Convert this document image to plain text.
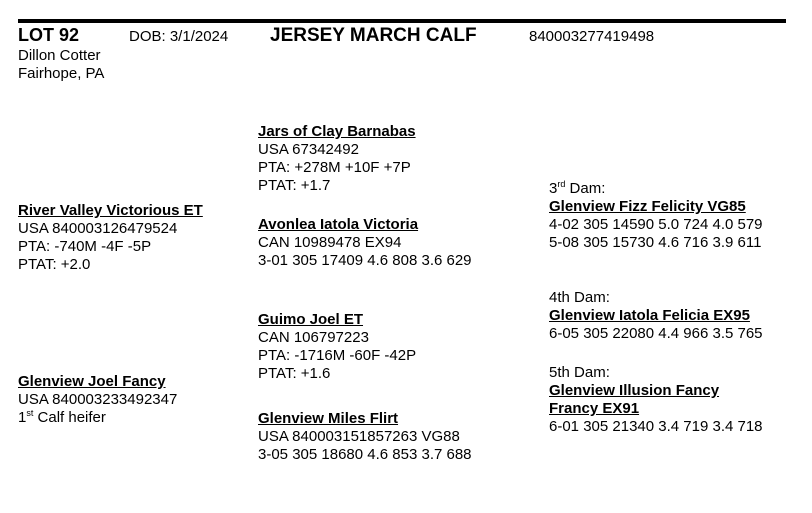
LOT 92	DOB: 3/1/2024 JERSEY MARCH CALF	840003277419498
Dillon Cotter
Fairhope, PA
River Valley Victorious ET
USA 840003126479524
PTA: -740M -4F -5P
PTAT: +2.0
Glenview Joel Fancy
USA 840003233492347
1st Calf heifer
Jars of Clay Barnabas
USA 67342492
PTA: +278M +10F +7P
PTAT: +1.7
Avonlea Iatola Victoria
CAN 10989478 EX94
3-01 305 17409 4.6 808 3.6 629
Guimo Joel ET
CAN 106797223
PTA: -1716M -60F -42P
PTAT: +1.6
Glenview Miles Flirt
USA 840003151857263 VG88
3-05 305 18680 4.6 853 3.7 688
3rd Dam:
Glenview Fizz Felicity VG85
4-02 305 14590 5.0 724 4.0 579
5-08 305 15730 4.6 716 3.9 611
4th Dam:
Glenview Iatola Felicia EX95
6-05 305 22080 4.4 966 3.5 765
5th Dam:
Glenview Illusion Fancy
Francy EX91
6-01 305 21340 3.4 719 3.4 718
